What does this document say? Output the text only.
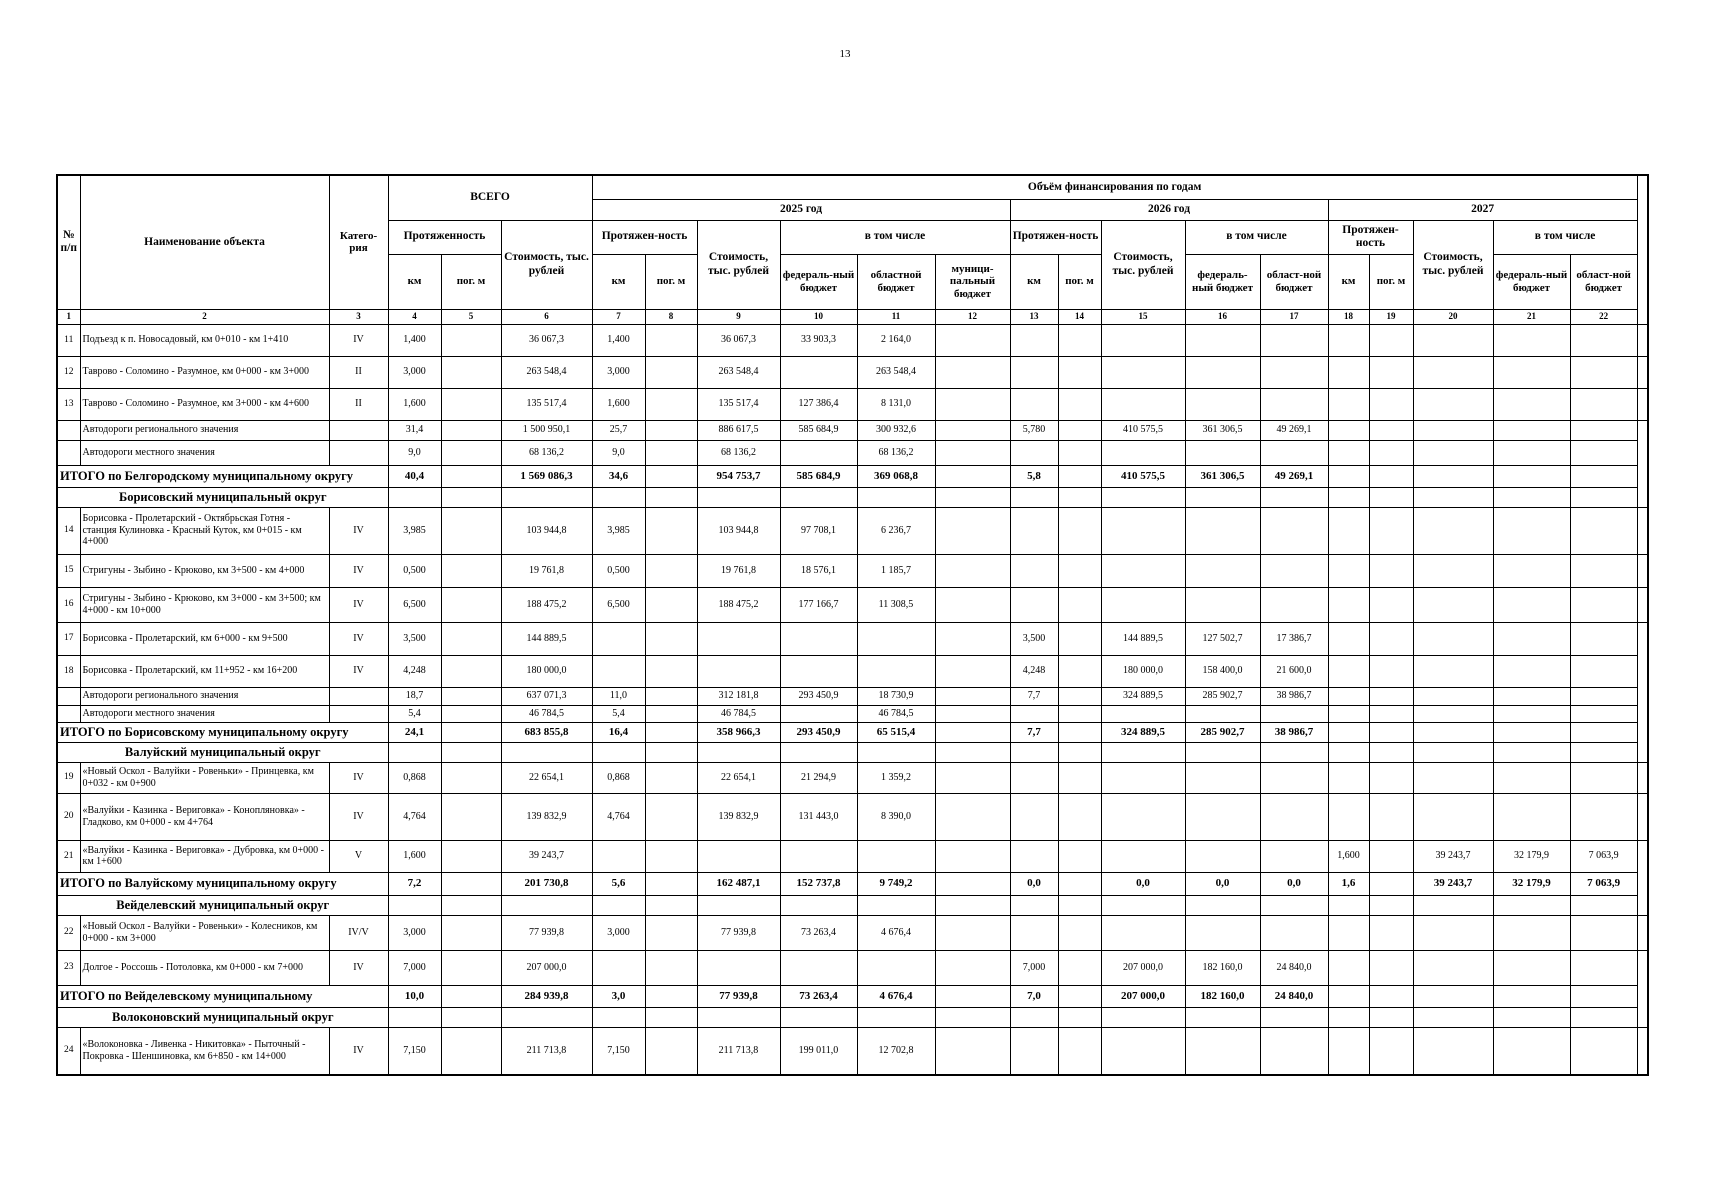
13
№ п/п	Наименование объекта	Катего-рия	ВСЕГО			Объём финансирования по годам																
						2025 год						2026 год					2027					
			Протяженность		Стоимость, тыс. рублей	Протяжен-ность		Стоимость, тыс. рублей	в том числе			Протяжен-ность		Стоимость, тыс. рублей	в том числе		Протяжен-ность		Стоимость, тыс. рублей	в том числе		
			км	пог. м		км	пог. м		федераль-ный бюджет	областной бюджет	муници-пальный бюджет	км	пог. м		федераль-ный бюджет	област-ной бюджет	км	пог. м		федераль-ный бюджет	област-ной бюджет	
1	2	3	4	5	6	7	8	9	10	11	12	13	14	15	16	17	18	19	20	21	22	
11	Подъезд к п. Новосадовый, км 0+010 - км 1+410	IV	1,400		36 067,3	1,400		36 067,3	33 903,3	2 164,0												
12	Таврово - Соломино - Разумное, км 0+000 - км 3+000	II	3,000		263 548,4	3,000		263 548,4		263 548,4												
13	Таврово - Соломино - Разумное, км 3+000 - км 4+600	II	1,600		135 517,4	1,600		135 517,4	127 386,4	8 131,0												
	Автодороги регионального значения		31,4		1 500 950,1	25,7		886 617,5	585 684,9	300 932,6		5,780		410 575,5	361 306,5	49 269,1						
	Автодороги местного значения		9,0		68 136,2	9,0		68 136,2		68 136,2												
ИТОГО по Белгородскому муниципальному округу			40,4		1 569 086,3	34,6		954 753,7	585 684,9	369 068,8		5,8		410 575,5	361 306,5	49 269,1						
Борисовский муниципальный округ																						
14	Борисовка - Пролетарский - Октябрьская Готня - станция Кулиновка - Красный Куток, км 0+015 - км 4+000	IV	3,985		103 944,8	3,985		103 944,8	97 708,1	6 236,7												
15	Стригуны - Зыбино - Крюково, км 3+500 - км 4+000	IV	0,500		19 761,8	0,500		19 761,8	18 576,1	1 185,7												
16	Стригуны - Зыбино - Крюково, км 3+000 - км 3+500; км 4+000 - км 10+000	IV	6,500		188 475,2	6,500		188 475,2	177 166,7	11 308,5												
17	Борисовка - Пролетарский, км 6+000 - км 9+500	IV	3,500		144 889,5							3,500		144 889,5	127 502,7	17 386,7						
18	Борисовка - Пролетарский, км 11+952 - км 16+200	IV	4,248		180 000,0							4,248		180 000,0	158 400,0	21 600,0						
	Автодороги регионального значения		18,7		637 071,3	11,0		312 181,8	293 450,9	18 730,9		7,7		324 889,5	285 902,7	38 986,7						
	Автодороги местного значения		5,4		46 784,5	5,4		46 784,5		46 784,5												
ИТОГО по Борисовскому муниципальному округу			24,1		683 855,8	16,4		358 966,3	293 450,9	65 515,4		7,7		324 889,5	285 902,7	38 986,7						
Валуйский муниципальный округ																						
19	«Новый Оскол - Валуйки - Ровеньки» - Принцевка, км 0+032 - км 0+900	IV	0,868		22 654,1	0,868		22 654,1	21 294,9	1 359,2												
20	«Валуйки - Казинка - Вериговка» - Конопляновка» - Гладково, км 0+000 - км 4+764	IV	4,764		139 832,9	4,764		139 832,9	131 443,0	8 390,0												
21	«Валуйки - Казинка - Вериговка» - Дубровка, км 0+000 - км 1+600	V	1,600		39 243,7												1,600		39 243,7	32 179,9	7 063,9	
ИТОГО по Валуйскому муниципальному округу			7,2		201 730,8	5,6		162 487,1	152 737,8	9 749,2		0,0		0,0	0,0	0,0	1,6		39 243,7	32 179,9	7 063,9	
Вейделевский муниципальный округ																						
22	«Новый Оскол - Валуйки - Ровеньки» - Колесников, км 0+000 - км 3+000	IV/V	3,000		77 939,8	3,000		77 939,8	73 263,4	4 676,4												
23	Долгое - Россошь - Потоловка, км 0+000 - км 7+000	IV	7,000		207 000,0							7,000		207 000,0	182 160,0	24 840,0						
ИТОГО по Вейделевскому муниципальному			10,0		284 939,8	3,0		77 939,8	73 263,4	4 676,4		7,0		207 000,0	182 160,0	24 840,0						
Волоконовский муниципальный округ																						
24	«Волоконовка - Ливенка - Никитовка» - Пыточный - Покровка - Шеншиновка, км 6+850 - км 14+000	IV	7,150		211 713,8	7,150		211 713,8	199 011,0	12 702,8												
